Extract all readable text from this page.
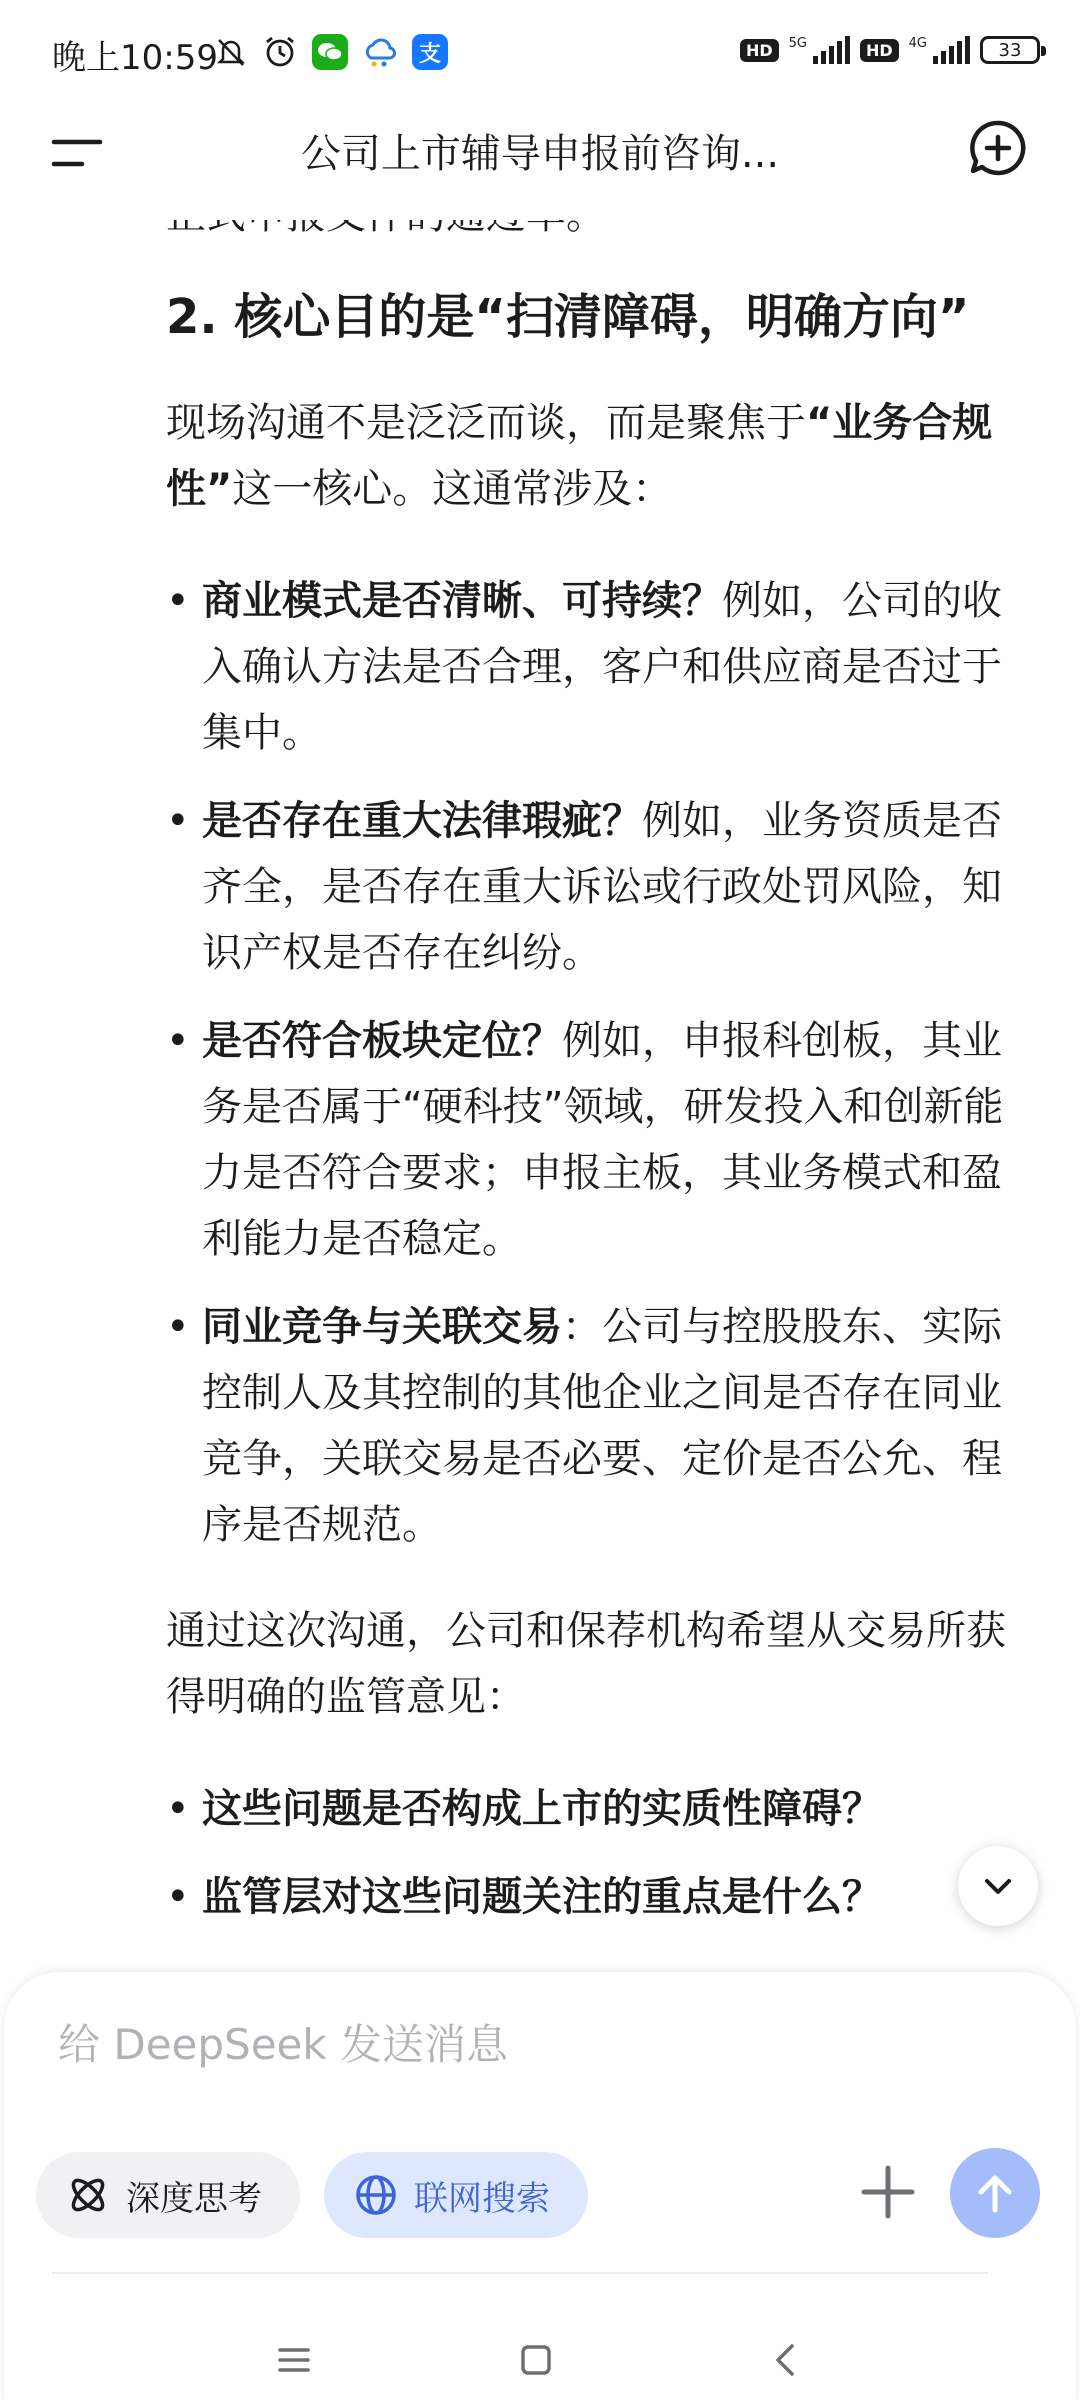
晚上10:59	支	HD	5G	HD	4G	33
公司上市辅导申报前咨询...
2. 核心目的是“扫清障碍，明确方向”

现场沟通不是泛泛而谈，而是聚焦于“业务合规性”这一核心。这通常涉及：

• 商业模式是否清晰、可持续？例如，公司的收入确认方法是否合理，客户和供应商是否过于集中。
• 是否存在重大法律瑕疵？例如，业务资质是否齐全，是否存在重大诉讼或行政处罚风险，知识产权是否存在纠纷。
• 是否符合板块定位？例如，申报科创板，其业务是否属于“硬科技”领域，研发投入和创新能力是否符合要求；申报主板，其业务模式和盈利能力是否稳定。
• 同业竞争与关联交易：公司与控股股东、实际控制人及其控制的其他企业之间是否存在同业竞争，关联交易是否必要、定价是否公允、程序是否规范。

通过这次沟通，公司和保荐机构希望从交易所获得明确的监管意见：

• 这些问题是否构成上市的实质性障碍？
• 监管层对这些问题关注的重点是什么？
给 DeepSeek 发送消息
深度思考	联网搜索
